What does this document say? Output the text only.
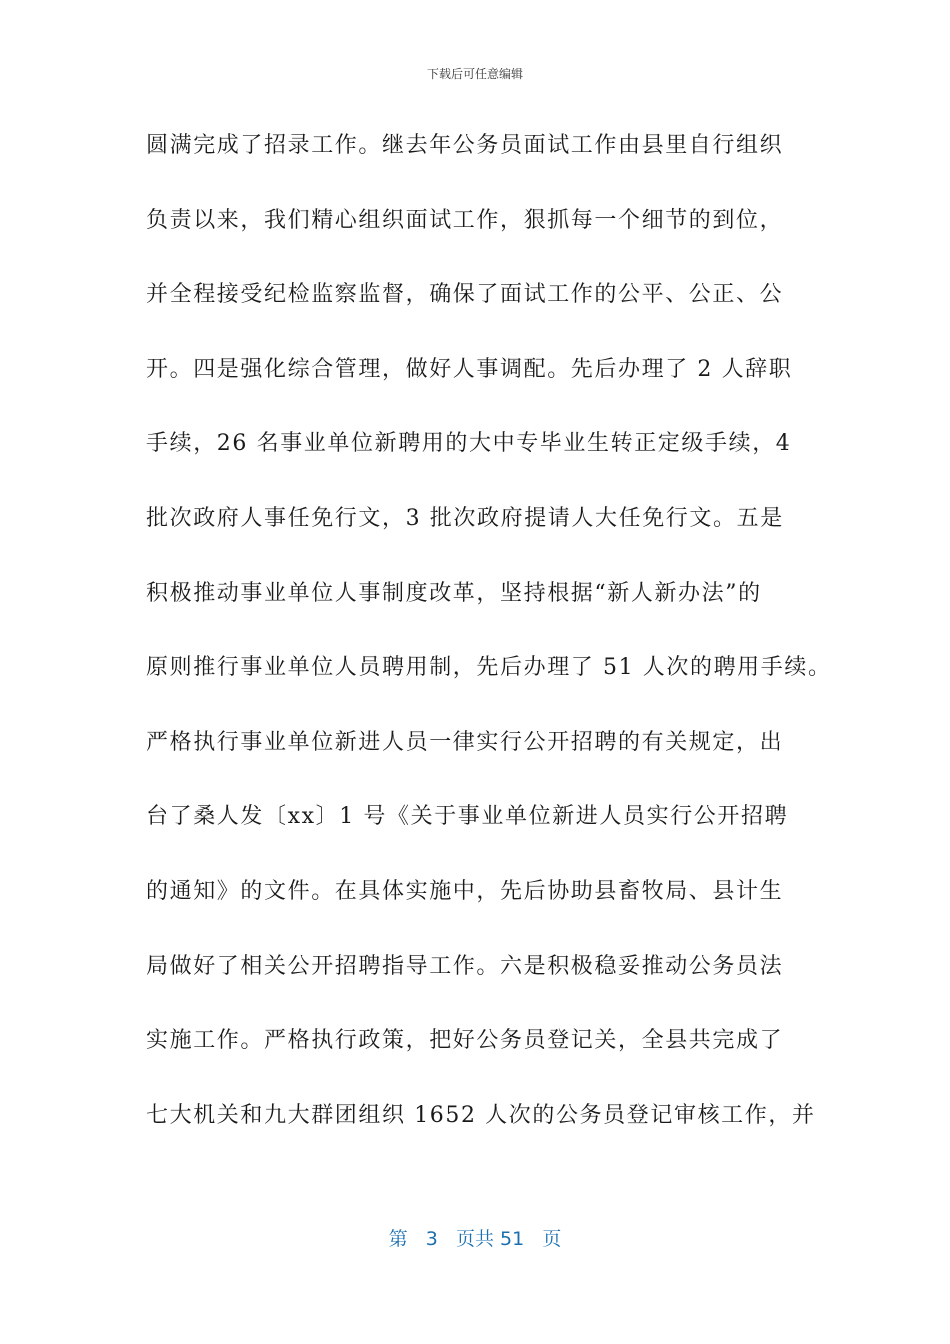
下载后可任意编辑
圆满完成了招录工作。继去年公务员面试工作由县里自行组织
负责以来，我们精心组织面试工作，狠抓每一个细节的到位，
并全程接受纪检监察监督，确保了面试工作的公平、公正、公
开。四是强化综合管理，做好人事调配。先后办理了 2 人辞职
手续，26 名事业单位新聘用的大中专毕业生转正定级手续，4
批次政府人事任免行文，3 批次政府提请人大任免行文。五是
积极推动事业单位人事制度改革，坚持根据“新人新办法”的
原则推行事业单位人员聘用制，先后办理了 51 人次的聘用手续。
严格执行事业单位新进人员一律实行公开招聘的有关规定，出
台了桑人发〔xx〕1 号《关于事业单位新进人员实行公开招聘
的通知》的文件。在具体实施中，先后协助县畜牧局、县计生
局做好了相关公开招聘指导工作。六是积极稳妥推动公务员法
实施工作。严格执行政策，把好公务员登记关，全县共完成了
七大机关和九大群团组织 1652 人次的公务员登记审核工作，并
第 3 页共 51 页
